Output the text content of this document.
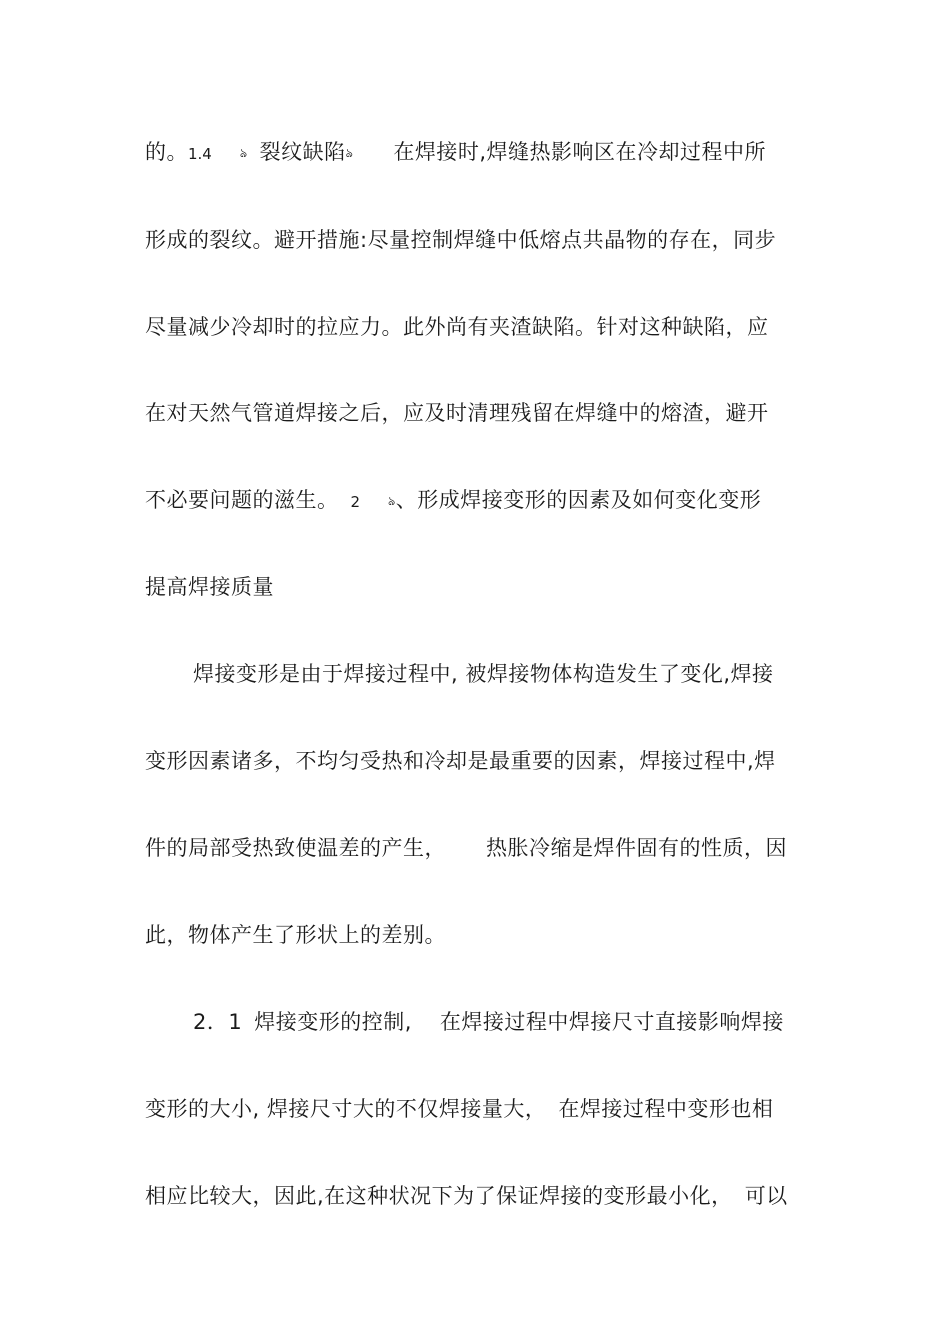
的。1.4 ঌ 裂纹缺陷ঌ 在焊接时,焊缝热影响区在冷却过程中所
形成的裂纹。避开措施:尽量控制焊缝中低熔点共晶物的存在，同步
尽量减少冷却时的拉应力。此外尚有夹渣缺陷。针对这种缺陷，应
在对天然气管道焊接之后，应及时清理残留在焊缝中的熔渣，避开
不必要问题的滋生。 2 ঌ、形成焊接变形的因素及如何变化变形
提高焊接质量
焊接变形是由于焊接过程中, 被焊接物体构造发生了变化,焊接
变形因素诸多，不均匀受热和冷却是最重要的因素，焊接过程中,焊
件的局部受热致使温差的产生， 热胀冷缩是焊件固有的性质，因
此，物体产生了形状上的差别。
2．1 焊接变形的控制, 在焊接过程中焊接尺寸直接影响焊接
变形的大小, 焊接尺寸大的不仅焊接量大， 在焊接过程中变形也相
相应比较大，因此,在这种状况下为了保证焊接的变形最小化， 可以
